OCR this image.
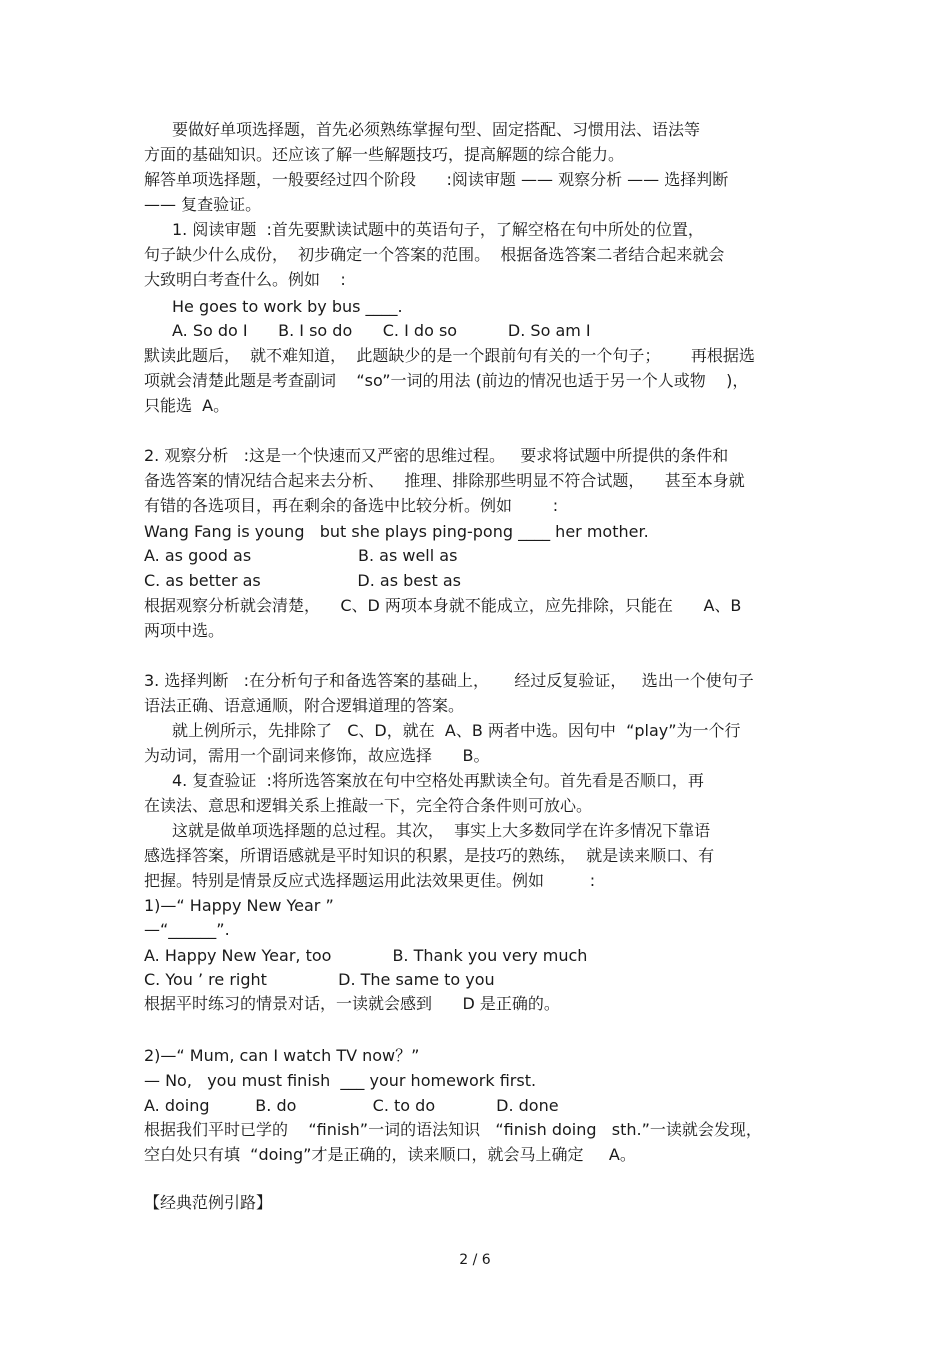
要做好单项选择题，首先必须熟练掌握句型、固定搭配、习惯用法、语法等
方面的基础知识。还应该了解一些解题技巧，提高解题的综合能力。
解答单项选择题，一般要经过四个阶段      :阅读审题 —— 观察分析 —— 选择判断
—— 复查验证。
1. 阅读审题  :首先要默读试题中的英语句子，了解空格在句中所处的位置，
句子缺少什么成份，  初步确定一个答案的范围。  根据备选答案二者结合起来就会
大致明白考查什么。例如    :
He goes to work by bus ____.
A. So do I      B. I so do      C. I do so          D. So am I
默读此题后，  就不难知道，  此题缺少的是一个跟前句有关的一个句子；      再根据选
项就会清楚此题是考查副词    “so”一词的用法 (前边的情况也适于另一个人或物    )，
只能选  A。
2. 观察分析   :这是一个快速而又严密的思维过程。   要求将试题中所提供的条件和
备选答案的情况结合起来去分析、    推理、排除那些明显不符合试题，    甚至本身就
有错的各选项目，再在剩余的备选中比较分析。例如        :
Wang Fang is young   but she plays ping-pong ____ her mother.
A. as good as                     B. as well as
C. as better as                   D. as best as
根据观察分析就会清楚，    C、D 两项本身就不能成立，应先排除，只能在      A、B
两项中选。
3. 选择判断   :在分析句子和备选答案的基础上，     经过反复验证，   选出一个使句子
语法正确、语意通顺，附合逻辑道理的答案。
就上例所示，先排除了   C、D，就在  A、B 两者中选。因句中  “play”为一个行
为动词，需用一个副词来修饰，故应选择      B。
4. 复查验证  :将所选答案放在句中空格处再默读全句。首先看是否顺口，再
在读法、意思和逻辑关系上推敲一下，完全符合条件则可放心。
这就是做单项选择题的总过程。其次，  事实上大多数同学在许多情况下靠语
感选择答案，所谓语感就是平时知识的积累，是技巧的熟练，  就是读来顺口、有
把握。特别是情景反应式选择题运用此法效果更佳。例如         :
1)—“ Happy New Year ”
—“______”.
A. Happy New Year, too            B. Thank you very much
C. You ’ re right              D. The same to you
根据平时练习的情景对话，一读就会感到      D 是正确的。
2)—“ Mum, can I watch TV now？”
— No,   you must finish  ___ your homework first.
A. doing         B. do               C. to do            D. done
根据我们平时已学的    “finish”一词的语法知识   “finish doing   sth.”一读就会发现，
空白处只有填  “doing”才是正确的，读来顺口，就会马上确定     A。
【经典范例引路】
2 / 6
